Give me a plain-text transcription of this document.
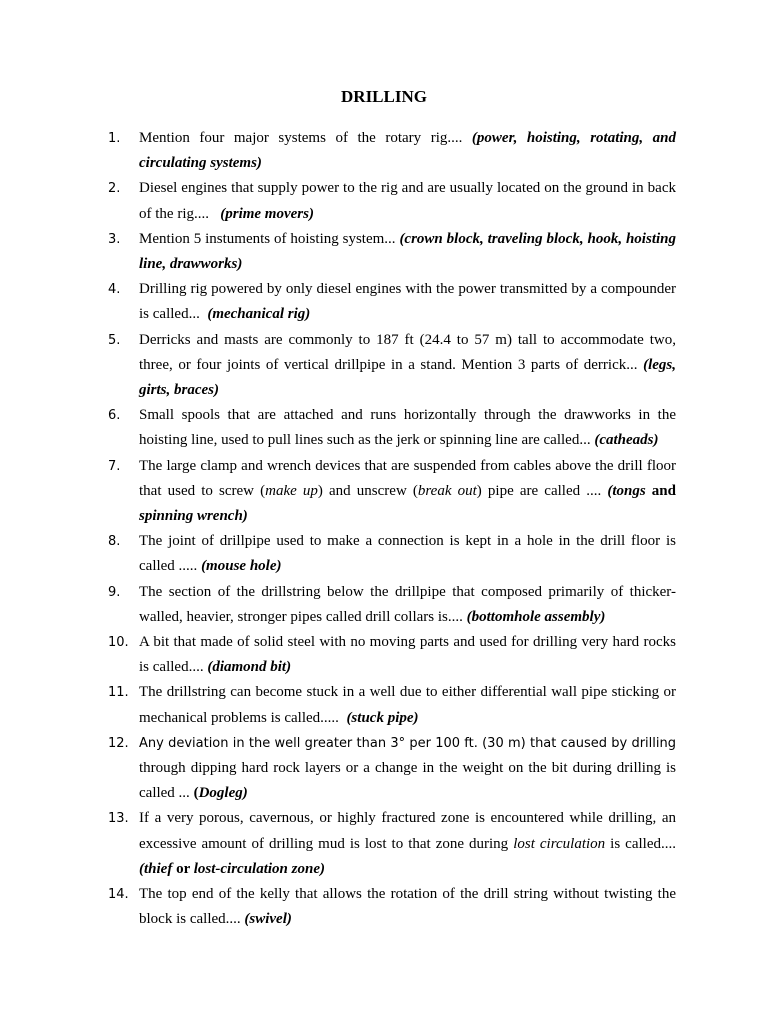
DRILLING
1.	Mention four major systems of the rotary rig.... (power, hoisting, rotating, and circulating systems)
2.	Diesel engines that supply power to the rig and are usually located on the ground in back of the rig....   (prime movers)
3.	Mention 5 instuments of hoisting system... (crown block, traveling block, hook, hoisting line, drawworks)
4.	Drilling rig powered by only diesel engines with the power transmitted by a compounder is called...  (mechanical rig)
5.	Derricks and masts are commonly to 187 ft (24.4 to 57 m) tall to accommodate two, three, or four joints of vertical drillpipe in a stand. Mention 3 parts of derrick... (legs, girts, braces)
6.	Small spools that are attached and runs horizontally through the drawworks in the hoisting line, used to pull lines such as the jerk or spinning line are called... (catheads)
7.	The large clamp and wrench devices that are suspended from cables above the drill floor that used to screw (make up) and unscrew (break out) pipe are called .... (tongs and spinning wrench)
8.	The joint of drillpipe used to make a connection is kept in a hole in the drill floor is called ..... (mouse hole)
9.	The section of the drillstring below the drillpipe that composed primarily of thicker-walled, heavier, stronger pipes called drill collars is.... (bottomhole assembly)
10. A bit that made of solid steel with no moving parts and used for drilling very hard rocks is called.... (diamond bit)
11. The drillstring can become stuck in a well due to either differential wall pipe sticking or mechanical problems is called.....  (stuck pipe)
12. Any deviation in the well greater than 3° per 100 ft. (30 m) that caused by drilling through dipping hard rock layers or a change in the weight on the bit during drilling is called ... (Dogleg)
13. If a very porous, cavernous, or highly fractured zone is encountered while drilling, an excessive amount of drilling mud is lost to that zone during lost circulation is called.... (thief or lost-circulation zone)
14. The top end of the kelly that allows the rotation of the drill string without twisting the block is called.... (swivel)
